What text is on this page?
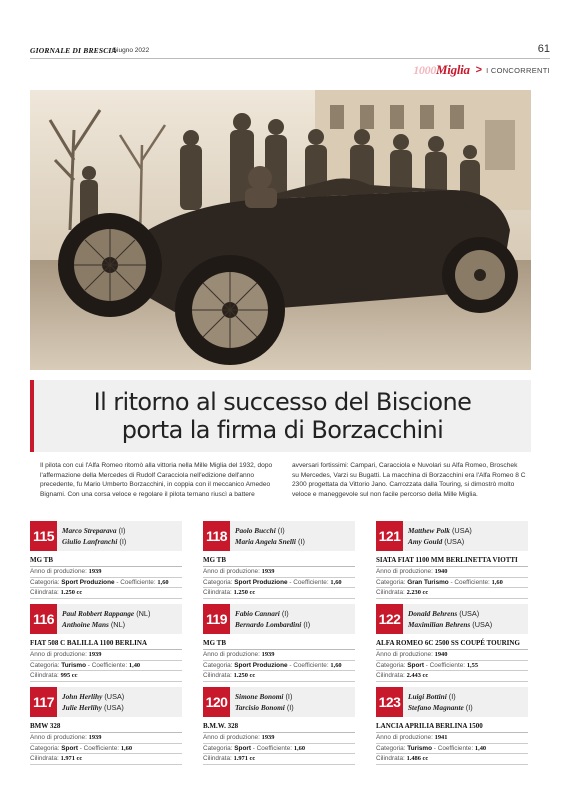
GIORNALE DI BRESCIA
· Giugno 2022	61
1000Miglia > I CONCORRENTI
Il ritorno al successo del Biscione
porta la firma di Borzacchini

Il pilota con cui l'Alfa Romeo ritornò alla vittoria nella Mille Miglia del 1932, dopo l'affermazione della Mercedes di Rudolf Caracciola nell'edizione dell'anno precedente, fu Mario Umberto Borzacchini, in coppia con il meccanico Amedeo Bignami. Con una corsa veloce e regolare il pilota ternano riuscì a battere

avversari fortissimi: Campari, Caracciola e Nuvolari su Alfa Romeo, Broschek su Mercedes, Varzi su Bugatti. La macchina di Borzacchini era l'Alfa Romeo 8 C 2300 progettata da Vittorio Jano. Carrozzata dalla Touring, si dimostrò molto veloce e maneggevole sul non facile percorso della Mille Miglia.

115	Marco Streparava (I)
Giulio Lanfranchi (I)
MG TB
Anno di produzione: 1939
Categoria: Sport Produzione - Coefficiente: 1,60
Cilindrata: 1.250 cc
118	Paolo Bucchi (I)
Maria Angela Snelli (I)
MG TB
Anno di produzione: 1939
Categoria: Sport Produzione - Coefficiente: 1,60
Cilindrata: 1.250 cc
121	Matthew Polk (USA)
Amy Gould (USA)
SIATA FIAT 1100 MM BERLINETTA VIOTTI
Anno di produzione: 1940
Categoria: Gran Turismo - Coefficiente: 1,60
Cilindrata: 2.230 cc
116	Paul Robbert Rappange (NL)
Anthoine Mans (NL)
FIAT 508 C BALILLA 1100 BERLINA
Anno di produzione: 1939
Categoria: Turismo - Coefficiente: 1,40
Cilindrata: 995 cc
119	Fabio Cannari (I)
Bernardo Lombardini (I)
MG TB
Anno di produzione: 1939
Categoria: Sport Produzione - Coefficiente: 1,60
Cilindrata: 1.250 cc
122	Donald Behrens (USA)
Maximilian Behrens (USA)
ALFA ROMEO 6C 2500 SS COUPÉ TOURING
Anno di produzione: 1940
Categoria: Sport - Coefficiente: 1,55
Cilindrata: 2.443 cc
117	John Herlihy (USA)
Julie Herlihy (USA)
BMW 328
Anno di produzione: 1939
Categoria: Sport - Coefficiente: 1,60
Cilindrata: 1.971 cc
120	Simone Bonomi (I)
Tarcisio Bonomi (I)
B.M.W. 328
Anno di produzione: 1939
Categoria: Sport - Coefficiente: 1,60
Cilindrata: 1.971 cc
123	Luigi Bottini (I)
Stefano Magnante (I)
LANCIA APRILIA BERLINA 1500
Anno di produzione: 1941
Categoria: Turismo - Coefficiente: 1,40
Cilindrata: 1.486 cc
